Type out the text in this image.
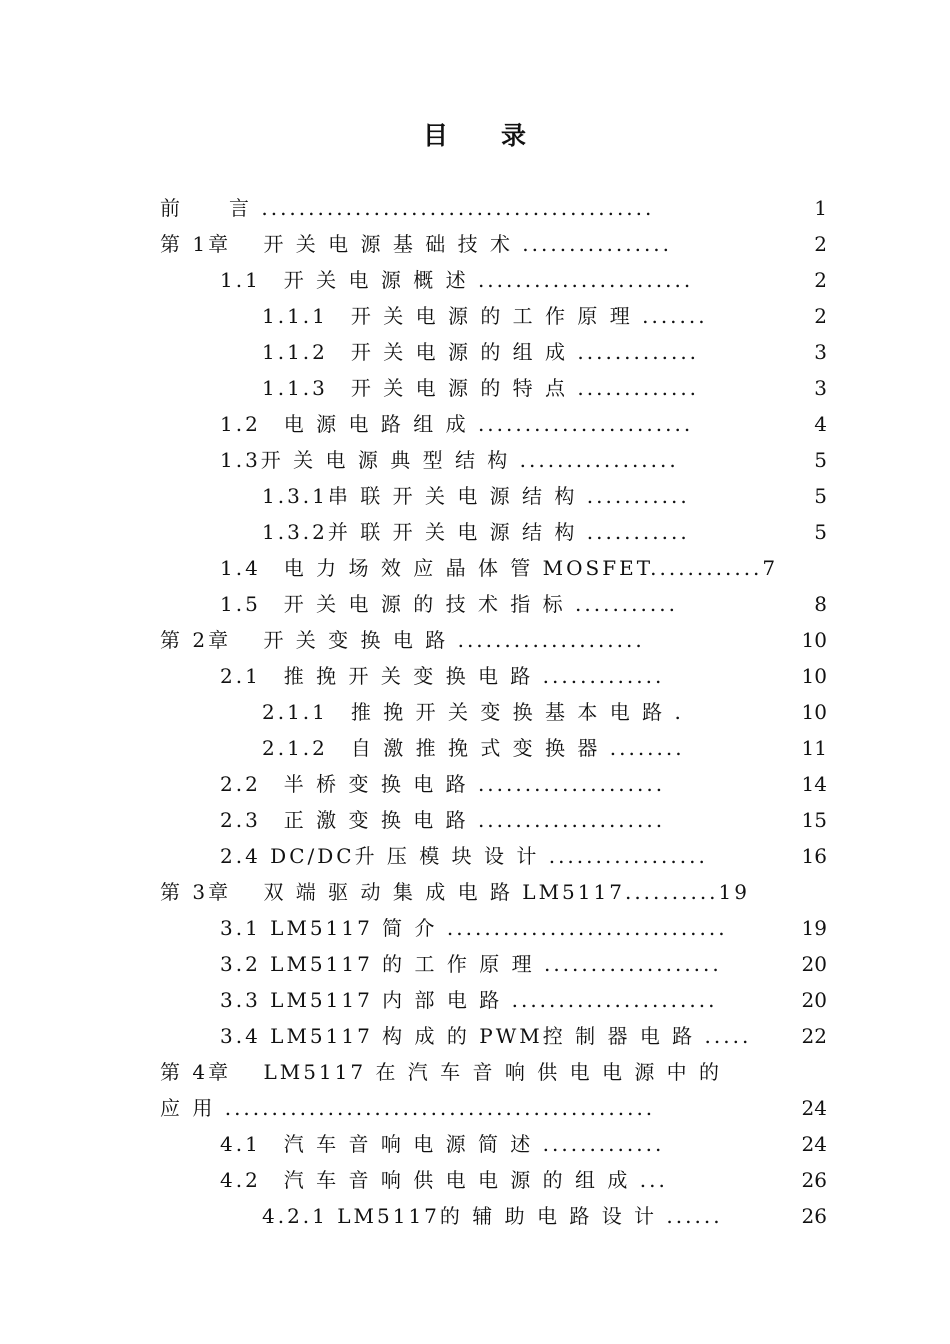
目　　录
前　　言 ..........................................	1
第 1章　 开 关 电 源 基 础 技 术 ................	2
1.1　开 关 电 源 概 述 .......................	2
1.1.1　开 关 电 源 的 工 作 原 理 .......	2
1.1.2　开 关 电 源 的 组 成 .............	3
1.1.3　开 关 电 源 的 特 点 .............	3
1.2　电 源 电 路 组 成 .......................	4
1.3开 关 电 源 典 型 结 构 .................	5
1.3.1串 联 开 关 电 源 结 构 ...........	5
1.3.2并 联 开 关 电 源 结 构 ...........	5
1.4　电 力 场 效 应 晶 体 管 MOSFET............7
1.5　开 关 电 源 的 技 术 指 标 ...........	8
第 2章　 开 关 变 换 电 路 ....................	10
2.1　推 挽 开 关 变 换 电 路 .............	10
2.1.1　推 挽 开 关 变 换 基 本 电 路 .	10
2.1.2　自 激 推 挽 式 变 换 器 ........	11
2.2　半 桥 变 换 电 路 ....................	14
2.3　正 激 变 换 电 路 ....................	15
2.4 DC/DC升 压 模 块 设 计 .................	16
第 3章　 双 端 驱 动 集 成 电 路 LM5117..........19
3.1 LM5117 简 介 ..............................	19
3.2 LM5117 的 工 作 原 理 ...................	20
3.3 LM5117 内 部 电 路 ......................	20
3.4 LM5117 构 成 的 PWM控 制 器 电 路 .....	22
第 4章　 LM5117 在 汽 车 音 响 供 电 电 源 中 的
应 用 ..............................................	24
4.1　汽 车 音 响 电 源 简 述 .............	24
4.2　汽 车 音 响 供 电 电 源 的 组 成 ...	26
4.2.1 LM5117的 辅 助 电 路 设 计 ......	26
